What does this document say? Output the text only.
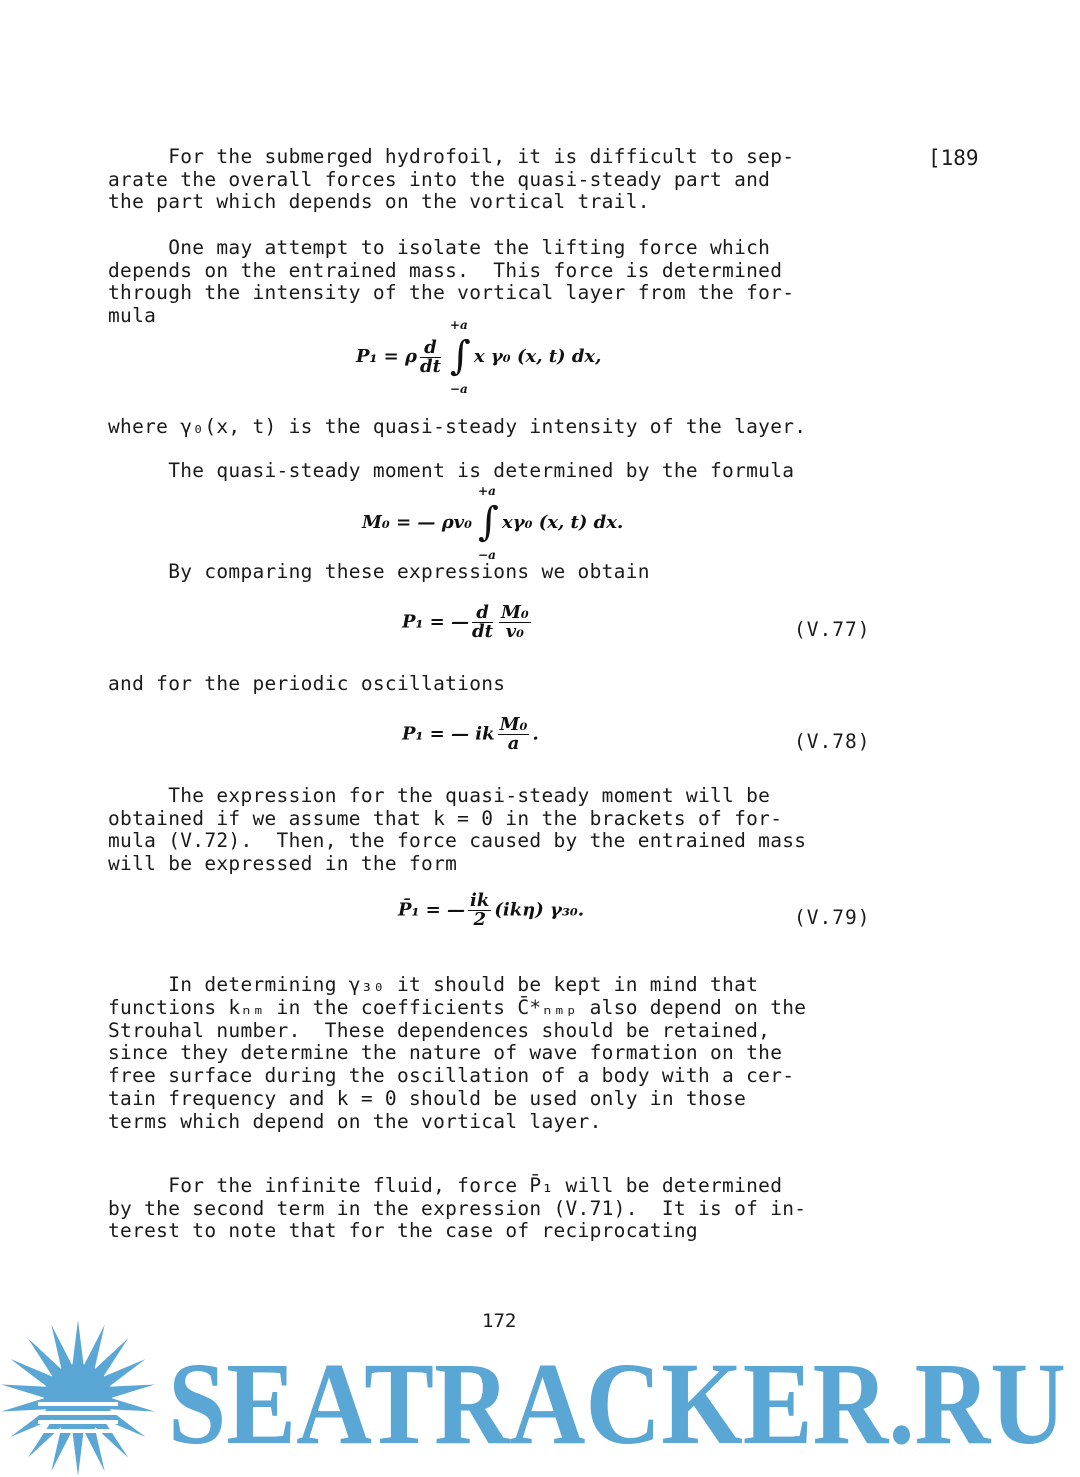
[189
For the submerged hydrofoil, it is difficult to sep-
arate the overall forces into the quasi-steady part and
the part which depends on the vortical trail.
One may attempt to isolate the lifting force which
depends on the entrained mass.  This force is determined
through the intensity of the vortical layer from the for-
mula
P₁ = ρ $\frac{d}{dt}$
+a
∫
−a
x γ₀ (x, t) dx,
where γ₀(x, t) is the quasi-steady intensity of the layer.
The quasi-steady moment is determined by the formula
M₀ = — ρv₀
+a
∫
−a
xγ₀ (x, t) dx.
By comparing these expressions we obtain
P₁ = — $\frac{d}{dt} \frac{\text{M₀}}{\text{v₀}}$	(V.77)
and for the periodic oscillations
P₁ = — ik $\frac{\text{M₀}}{a}$ .	(V.78)
The expression for the quasi-steady moment will be
obtained if we assume that k = 0 in the brackets of for-
mula (V.72).  Then, the force caused by the entrained mass
will be expressed in the form
P̄₁ = — $\frac{ik}{2} (ik\eta)$ γ₃₀.	(V.79)
In determining γ₃₀ it should be kept in mind that
functions kₙₘ in the coefficients C̄*ₙₘₚ also depend on the
Strouhal number.  These dependences should be retained,
since they determine the nature of wave formation on the
free surface during the oscillation of a body with a cer-
tain frequency and k = 0 should be used only in those
terms which depend on the vortical layer.
For the infinite fluid, force P̄₁ will be determined
by the second term in the expression (V.71).  It is of in-
terest to note that for the case of reciprocating
172
SEATRACKER.RU
